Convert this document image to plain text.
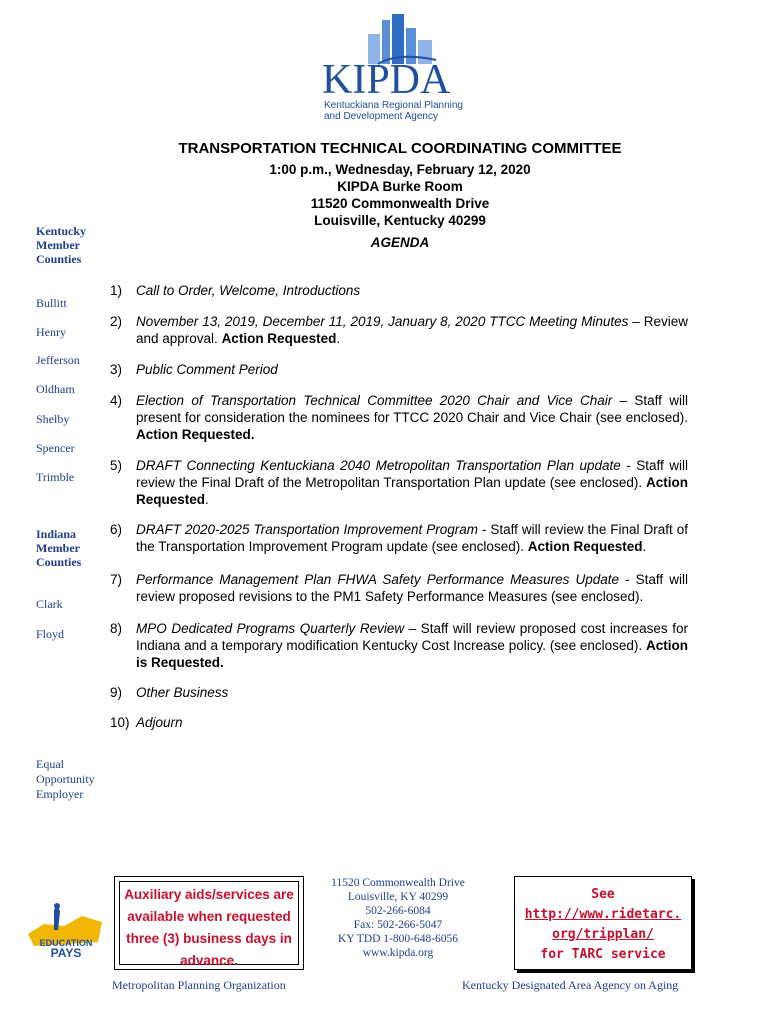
KIPDA
Kentuckiana Regional Planning
and Development Agency
TRANSPORTATION TECHNICAL COORDINATING COMMITTEE
1:00 p.m., Wednesday, February 12, 2020
KIPDA Burke Room
11520 Commonwealth Drive
Louisville, Kentucky 40299
AGENDA
Kentucky
Member
Counties
Bullitt
Henry
Jefferson
Oldham
Shelby
Spencer
Trimble
Indiana
Member
Counties
Clark
Floyd
1)	Call to Order, Welcome, Introductions
2)	November 13, 2019, December 11, 2019, January 8, 2020 TTCC Meeting Minutes – Review and approval. Action Requested.
3)	Public Comment Period
4)	Election of Transportation Technical Committee 2020 Chair and Vice Chair – Staff will present for consideration the nominees for TTCC 2020 Chair and Vice Chair (see enclosed). Action Requested.
5)	DRAFT Connecting Kentuckiana 2040 Metropolitan Transportation Plan update - Staff will review the Final Draft of the Metropolitan Transportation Plan update (see enclosed). Action Requested.
6)	DRAFT 2020-2025 Transportation Improvement Program - Staff will review the Final Draft of the Transportation Improvement Program update (see enclosed). Action Requested.
7)	Performance Management Plan FHWA Safety Performance Measures Update - Staff will review proposed revisions to the PM1 Safety Performance Measures (see enclosed).
8)	MPO Dedicated Programs Quarterly Review – Staff will review proposed cost increases for Indiana and a temporary modification Kentucky Cost Increase policy. (see enclosed). Action is Requested.
9)	Other Business
10) Adjourn
Equal
Opportunity
Employer
EDUCATION
PAYS
Auxiliary aids/services are
available when requested
three (3) business days in
advance.
11520 Commonwealth Drive
Louisville, KY 40299
502-266-6084
Fax: 502-266-5047
KY TDD 1-800-648-6056
www.kipda.org
See
http://www.ridetarc.
org/tripplan/
for TARC service
Metropolitan Planning Organization	Kentucky Designated Area Agency on Aging
